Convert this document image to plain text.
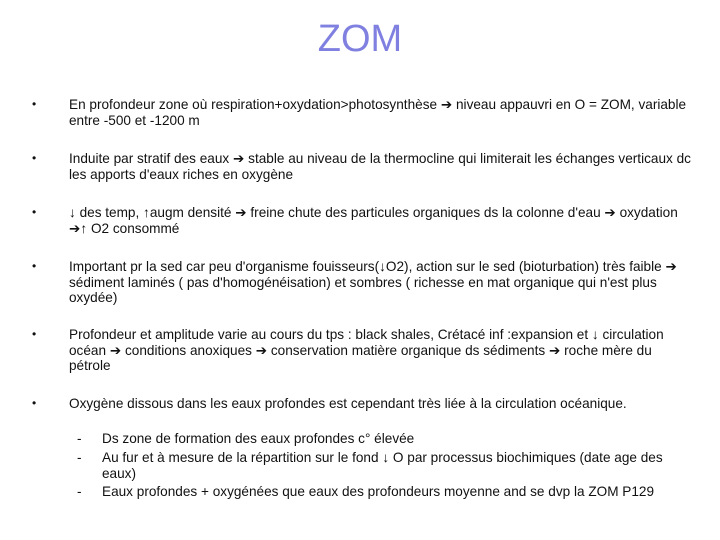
ZOM
•	En profondeur zone où respiration+oxydation>photosynthèse ➔ niveau appauvri en O = ZOM, variable entre -500 et -1200 m
•	Induite par stratif des eaux ➔ stable au niveau de la thermocline qui limiterait les échanges verticaux dc les apports d'eaux riches en oxygène
•	↓ des temp, ↑augm densité ➔ freine chute des particules organiques ds la colonne d'eau ➔ oxydation ➔↑ O2 consommé
•	Important pr la sed car peu d'organisme fouisseurs(↓O2), action sur le sed (bioturbation) très faible ➔ sédiment laminés ( pas d'homogénéisation) et sombres ( richesse en mat organique qui n'est plus oxydée)
•	Profondeur et amplitude varie au cours du tps : black shales, Crétacé inf :expansion et ↓ circulation océan ➔ conditions anoxiques ➔ conservation matière organique ds sédiments ➔ roche mère du pétrole
•	Oxygène dissous dans les eaux profondes est cependant très liée à la circulation océanique.
-	Ds zone de formation des eaux profondes c° élevée
-	Au fur et à mesure de la répartition sur le fond ↓ O par processus biochimiques (date age des eaux)
-	Eaux profondes + oxygénées que eaux des profondeurs moyenne and se dvp la ZOM P129
